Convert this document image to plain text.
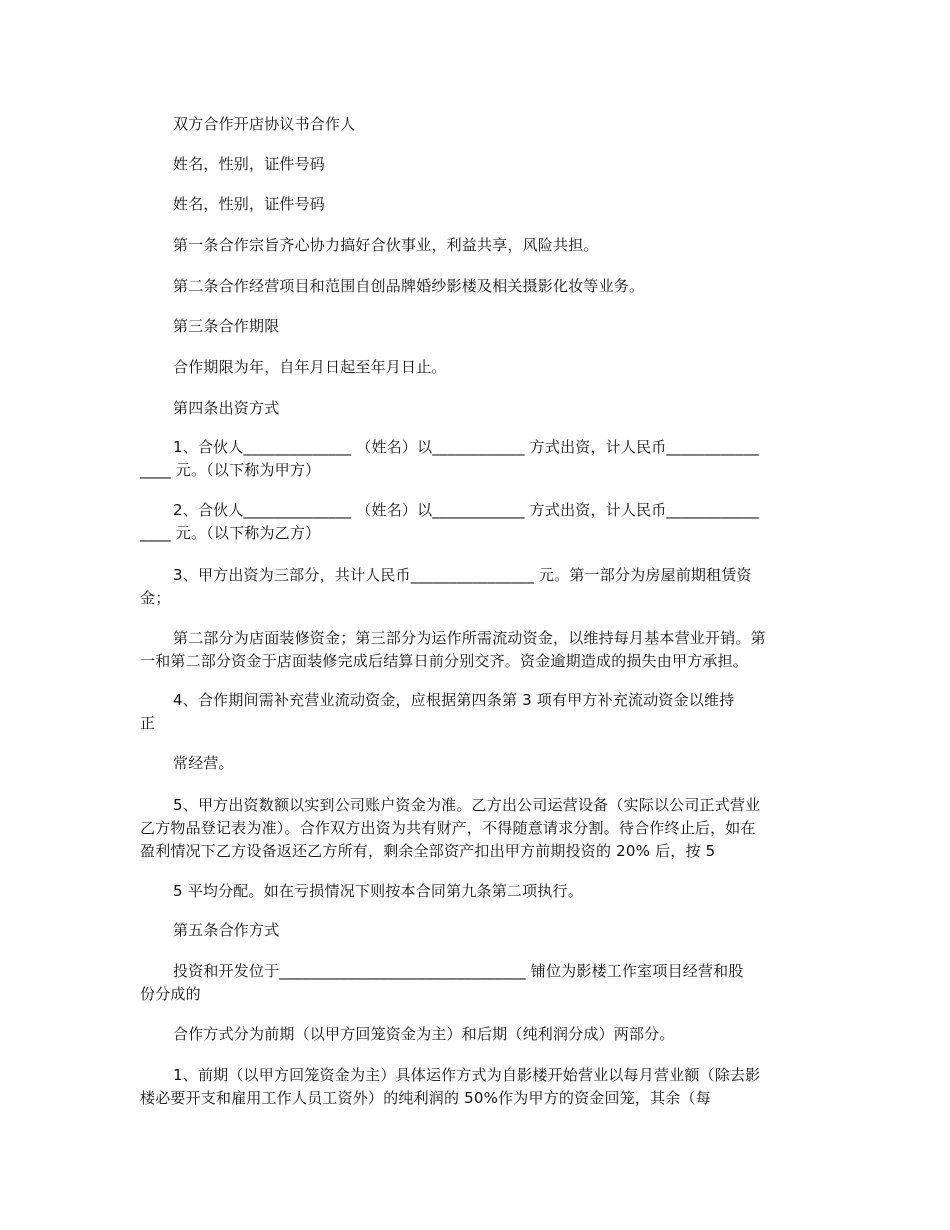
双方合作开店协议书合作人
姓名，性别，证件号码
姓名，性别，证件号码
第一条合作宗旨齐心协力搞好合伙事业，利益共享，风险共担。
第二条合作经营项目和范围自创品牌婚纱影楼及相关摄影化妆等业务。
第三条合作期限
合作期限为年，自年月日起至年月日止。
第四条出资方式
1、合伙人______________ （姓名）以____________ 方式出资，计人民币____________
____ 元。（以下称为甲方）
2、合伙人______________ （姓名）以____________ 方式出资，计人民币____________
____ 元。（以下称为乙方）
3、甲方出资为三部分，共计人民币________________ 元。第一部分为房屋前期租赁资
金；
第二部分为店面装修资金；第三部分为运作所需流动资金，以维持每月基本营业开销。第
一和第二部分资金于店面装修完成后结算日前分别交齐。资金逾期造成的损失由甲方承担。
4、合作期间需补充营业流动资金，应根据第四条第 3 项有甲方补充流动资金以维持
正
常经营。
5、甲方出资数额以实到公司账户资金为准。乙方出公司运营设备（实际以公司正式营业
乙方物品登记表为准）。合作双方出资为共有财产，不得随意请求分割。待合作终止后，如在
盈利情况下乙方设备返还乙方所有，剩余全部资产扣出甲方前期投资的 20% 后，按 5
5 平均分配。如在亏损情况下则按本合同第九条第二项执行。
第五条合作方式
投资和开发位于________________________________ 铺位为影楼工作室项目经营和股
份分成的
合作方式分为前期（以甲方回笼资金为主）和后期（纯利润分成）两部分。
1、前期（以甲方回笼资金为主）具体运作方式为自影楼开始营业以每月营业额（除去影
楼必要开支和雇用工作人员工资外）的纯利润的 50%作为甲方的资金回笼，其余（每
